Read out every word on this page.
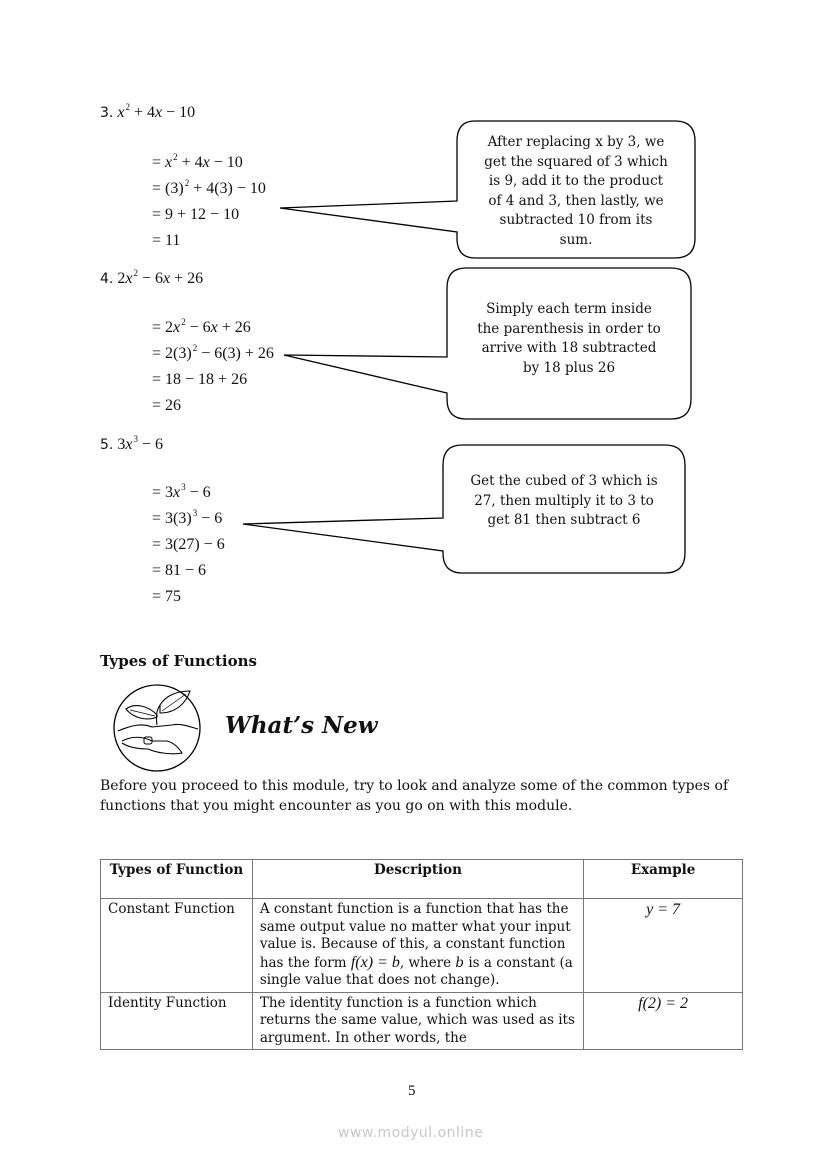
3. $x^2 + 4x - 10$
= $x^2 + 4x - 10$
= $(3)^2 + 4(3) - 10$
= 9 + 12 − 10
= 11
After replacing x by 3, we
get the squared of 3 which
is 9, add it to the product
of 4 and 3, then lastly, we
subtracted 10 from its
sum.
4. $2x^2 - 6x + 26$
= $2x^2 - 6x + 26$
= $2(3)^2 - 6(3) + 26$
= 18 − 18 + 26
= 26
Simply each term inside
the parenthesis in order to
arrive with 18 subtracted
by 18 plus 26
5. $3x^3 - 6$
= $3x^3 - 6$
= $3(3)^3 - 6$
= 3(27) − 6
= 81 − 6
= 75
Get the cubed of 3 which is
27, then multiply it to 3 to
get 81 then subtract 6
Types of Functions
What’s New
Before you proceed to this module, try to look and analyze some of the common types of functions that you might encounter as you go on with this module.
Types of Function	Description	Example
Constant Function	A constant function is a function that has the same output value no matter what your input value is. Because of this, a constant function has the form f(x) = b, where b is a constant (a single value that does not change).	y = 7
Identity Function	The identity function is a function which returns the same value, which was used as its argument. In other words, the	f(2) = 2
5
www.modyul.online
